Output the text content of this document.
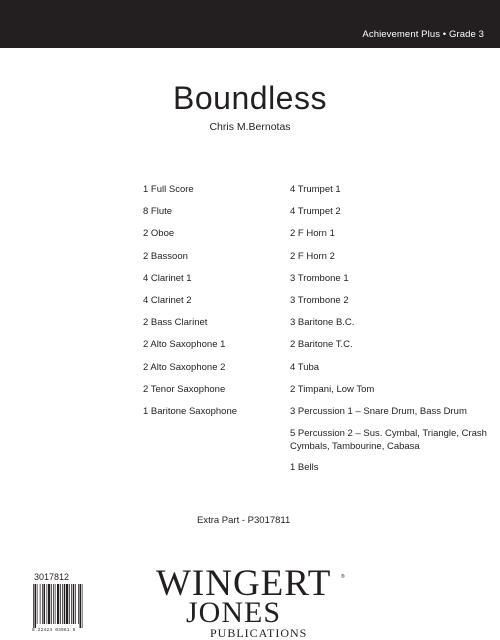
Achievement Plus • Grade 3
Boundless
Chris M.Bernotas
1 Full Score
8 Flute
2 Oboe
2 Bassoon
4 Clarinet 1
4 Clarinet 2
2 Bass Clarinet
2 Alto Saxophone 1
2 Alto Saxophone 2
2 Tenor Saxophone
1 Baritone Saxophone
4 Trumpet 1
4 Trumpet 2
2 F Horn 1
2 F Horn 2
3 Trombone 1
3 Trombone 2
3 Baritone B.C.
2 Baritone T.C.
4 Tuba
2 Timpani, Low Tom
3 Percussion 1 – Snare Drum, Bass Drum
5 Percussion 2 – Sus. Cymbal, Triangle, Crash Cymbals, Tambourine, Cabasa
1 Bells
Extra Part - P3017811
3017812
8 22424 03961 5
WINGERT ®
JONES
PUBLICATIONS
